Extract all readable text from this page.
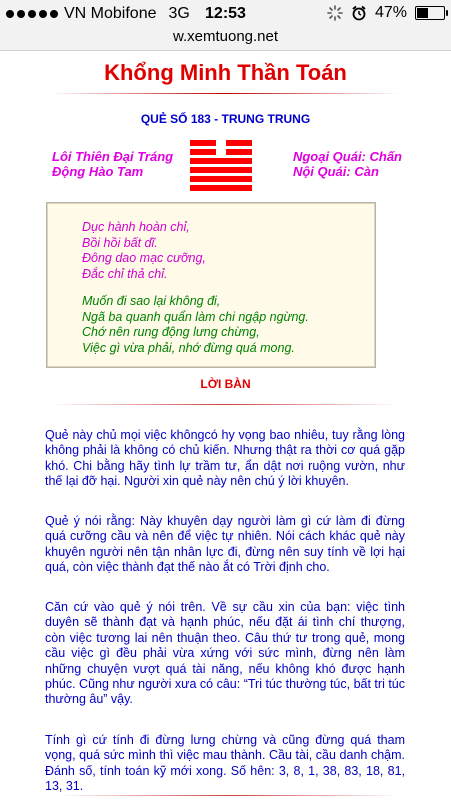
VN Mobifone 3G 12:53	47%
w.xemtuong.net
Khổng Minh Thần Toán
QUẺ SỐ 183 - TRUNG TRUNG
Lôi Thiên Đại Tráng
Động Hào Tam
Ngoại Quái: Chấn
Nội Quái: Càn
Dục hành hoàn chỉ,
Bồi hồi bất dĩ.
Đông dao mạc cưỡng,
Đắc chỉ thả chỉ.
Muốn đi sao lại không đi,
Ngã ba quanh quẩn làm chi ngập ngừng.
Chớ nên rung động lưng chừng,
Việc gì vừa phải, nhớ đừng quá mong.
LỜI BÀN
Quẻ này chủ mọi việc khôngcó hy vọng bao nhiêu, tuy rằng lòng không phải là không có chủ kiến. Nhưng thật ra thời cơ quá gặp khó. Chi bằng hãy tình lự trầm tư, ẩn dật nơi ruộng vườn, như thế lại đỡ hại. Người xin quẻ này nên chú ý lời khuyên.
Quẻ ý nói rằng: Này khuyên dạy người làm gì cứ làm đi đừng quá cưỡng cầu và nên để việc tự nhiên. Nói cách khác quẻ này khuyên người nên tận nhân lực đi, đừng nên suy tính về lợi hại quá, còn việc thành đạt thế nào ắt có Trời định cho.
Căn cứ vào quẻ ý nói trên. Về sự cầu xin của bạn: việc tình duyên sẽ thành đạt và hạnh phúc, nếu đặt ái tình chí thượng, còn việc tương lai nên thuận theo. Câu thứ tư trong quẻ, mong cầu việc gì đều phải vừa xứng với sức mình, đừng nên làm những chuyện vượt quá tài năng, nếu không khó được hạnh phúc. Cũng như người xưa có câu: “Tri túc thường túc, bất tri túc thường âu” vậy.
Tính gì cứ tính đi đừng lưng chừng và cũng đừng quá tham vọng, quá sức mình thì việc mau thành. Cầu tài, cầu danh chậm. Đánh số, tính toán kỹ mới xong. Số hên: 3, 8, 1, 38, 83, 18, 81, 13, 31.
